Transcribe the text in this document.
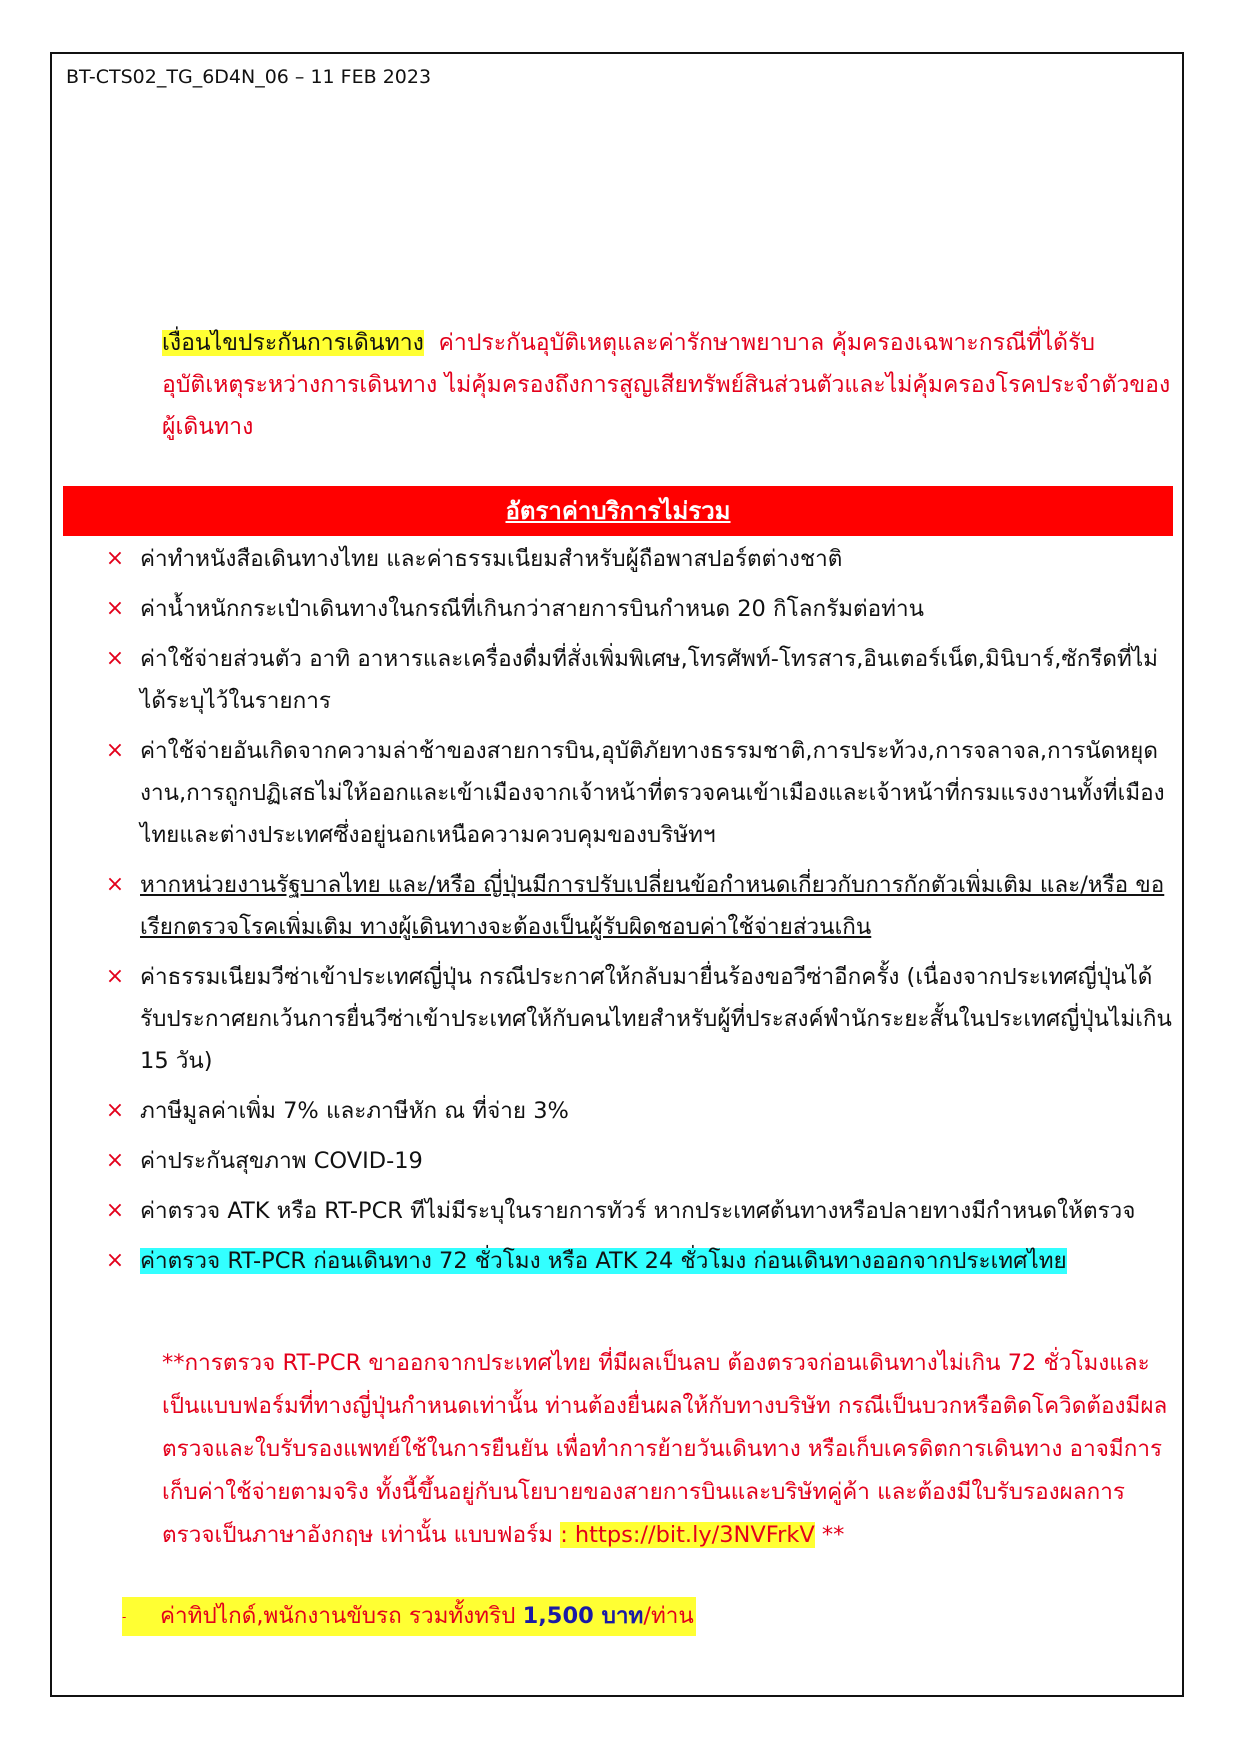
BT-CTS02_TG_6D4N_06 – 11 FEB 2023
เงื่อนไขประกันการเดินทาง ค่าประกันอุบัติเหตุและค่ารักษาพยาบาล คุ้มครองเฉพาะกรณีที่ได้รับอุบัติเหตุระหว่างการเดินทาง ไม่คุ้มครองถึงการสูญเสียทรัพย์สินส่วนตัวและไม่คุ้มครองโรคประจำตัวของผู้เดินทาง
อัตราค่าบริการไม่รวม
× ค่าทำหนังสือเดินทางไทย และค่าธรรมเนียมสำหรับผู้ถือพาสปอร์ตต่างชาติ
× ค่าน้ำหนักกระเป๋าเดินทางในกรณีที่เกินกว่าสายการบินกำหนด 20 กิโลกรัมต่อท่าน
× ค่าใช้จ่ายส่วนตัว อาทิ อาหารและเครื่องดื่มที่สั่งเพิ่มพิเศษ,โทรศัพท์-โทรสาร,อินเตอร์เน็ต,มินิบาร์,ซักรีดที่ไม่ได้ระบุไว้ในรายการ
× ค่าใช้จ่ายอันเกิดจากความล่าช้าของสายการบิน,อุบัติภัยทางธรรมชาติ,การประท้วง,การจลาจล,การนัดหยุดงาน,การถูกปฏิเสธไม่ให้ออกและเข้าเมืองจากเจ้าหน้าที่ตรวจคนเข้าเมืองและเจ้าหน้าที่กรมแรงงานทั้งที่เมืองไทยและต่างประเทศซึ่งอยู่นอกเหนือความควบคุมของบริษัทฯ
× หากหน่วยงานรัฐบาลไทย และ/หรือ ญี่ปุ่นมีการปรับเปลี่ยนข้อกำหนดเกี่ยวกับการกักตัวเพิ่มเติม และ/หรือ ขอเรียกตรวจโรคเพิ่มเติม ทางผู้เดินทางจะต้องเป็นผู้รับผิดชอบค่าใช้จ่ายส่วนเกิน
× ค่าธรรมเนียมวีซ่าเข้าประเทศญี่ปุ่น กรณีประกาศให้กลับมายื่นร้องขอวีซ่าอีกครั้ง (เนื่องจากประเทศญี่ปุ่นได้รับประกาศยกเว้นการยื่นวีซ่าเข้าประเทศให้กับคนไทยสำหรับผู้ที่ประสงค์พำนักระยะสั้นในประเทศญี่ปุ่นไม่เกิน 15 วัน)
× ภาษีมูลค่าเพิ่ม 7% และภาษีหัก ณ ที่จ่าย 3%
× ค่าประกันสุขภาพ COVID-19
× ค่าตรวจ ATK หรือ RT-PCR ทีไม่มีระบุในรายการทัวร์ หากประเทศต้นทางหรือปลายทางมีกำหนดให้ตรวจ
× ค่าตรวจ RT-PCR ก่อนเดินทาง 72 ชั่วโมง หรือ ATK 24 ชั่วโมง ก่อนเดินทางออกจากประเทศไทย
**การตรวจ RT-PCR ขาออกจากประเทศไทย ที่มีผลเป็นลบ ต้องตรวจก่อนเดินทางไม่เกิน 72 ชั่วโมงและเป็นแบบฟอร์มที่ทางญี่ปุ่นกำหนดเท่านั้น ท่านต้องยื่นผลให้กับทางบริษัท กรณีเป็นบวกหรือติดโควิดต้องมีผลตรวจและใบรับรองแพทย์ใช้ในการยืนยัน เพื่อทำการย้ายวันเดินทาง หรือเก็บเครดิตการเดินทาง อาจมีการเก็บค่าใช้จ่ายตามจริง ทั้งนี้ขึ้นอยู่กับนโยบายของสายการบินและบริษัทคู่ค้า และต้องมีใบรับรองผลการตรวจเป็นภาษาอังกฤษ เท่านั้น แบบฟอร์ม : https://bit.ly/3NVFrkV **
- ค่าทิปไกด์,พนักงานขับรถ รวมทั้งทริป 1,500 บาท/ท่าน
